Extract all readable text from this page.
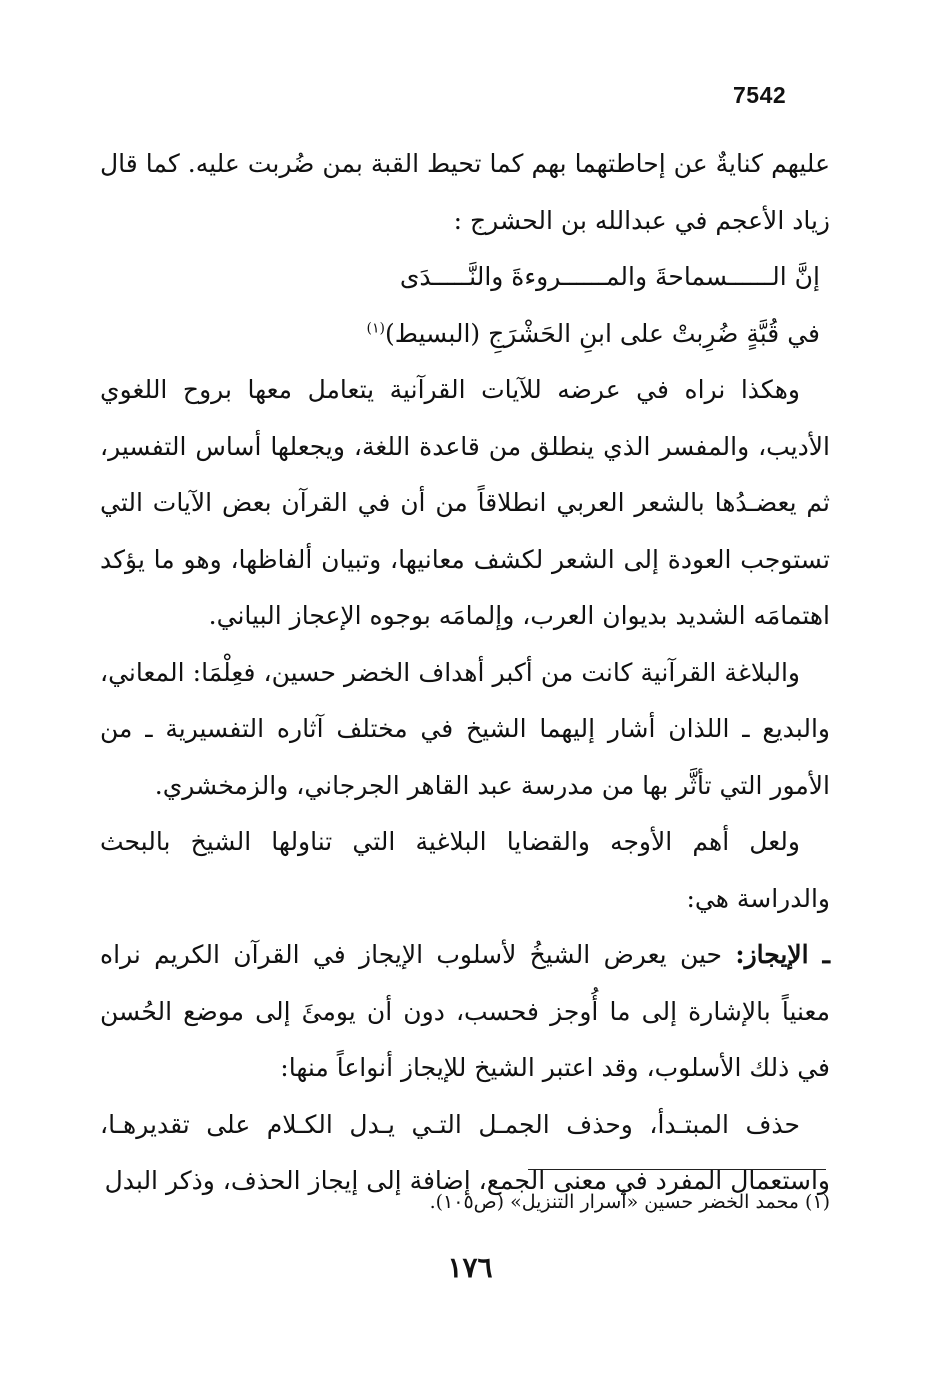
7542

عليهم كنايةٌ عن إحاطتهما بهم كما تحيط القبة بمن ضُربت عليه. كما قال زياد الأعجم في عبدالله بن الحشرج :

إنَّ الــــــسماحةَ والمــــــروءةَ والنَّـــــدَى

في قُبَّةٍ ضُرِبتْ على ابنِ الحَشْرَجِ (البسيط)$^{(١)}$

وهكذا نراه في عرضه للآيات القرآنية يتعامل معها بروح اللغوي الأديب، والمفسر الذي ينطلق من قاعدة اللغة، ويجعلها أساس التفسير، ثم يعضـدُها بالشعر العربي انطلاقاً من أن في القرآن بعض الآيات التي تستوجب العودة إلى الشعر لكشف معانيها، وتبيان ألفاظها، وهو ما يؤكد اهتمامَه الشديد بديوان العرب، وإلمامَه بوجوه الإعجاز البياني.

والبلاغة القرآنية كانت من أكبر أهداف الخضر حسين، فعِلْمَا: المعاني، والبديع ـ اللذان أشار إليهما الشيخ في مختلف آثاره التفسيرية ـ من الأمور التي تأثَّر بها من مدرسة عبد القاهر الجرجاني، والزمخشري.

ولعل أهم الأوجه والقضايا البلاغية التي تناولها الشيخ بالبحث والدراسة هي:

ـ الإيجاز: حين يعرض الشيخُ لأسلوب الإيجاز في القرآن الكريم نراه معنياً بالإشارة إلى ما أُوجز فحسب، دون أن يومئَ إلى موضع الحُسن في ذلك الأسلوب، وقد اعتبر الشيخ للإيجاز أنواعاً منها:

حذف المبتـدأ، وحذف الجمـل التـي يـدل الكـلام على تقديرهـا، واستعمال المفرد في معنى الجمع، إضافة إلى إيجاز الحذف، وذكر البدل

(١) محمد الخضر حسين «أسرار التنزيل» (ص١٠٥).
١٧٦
